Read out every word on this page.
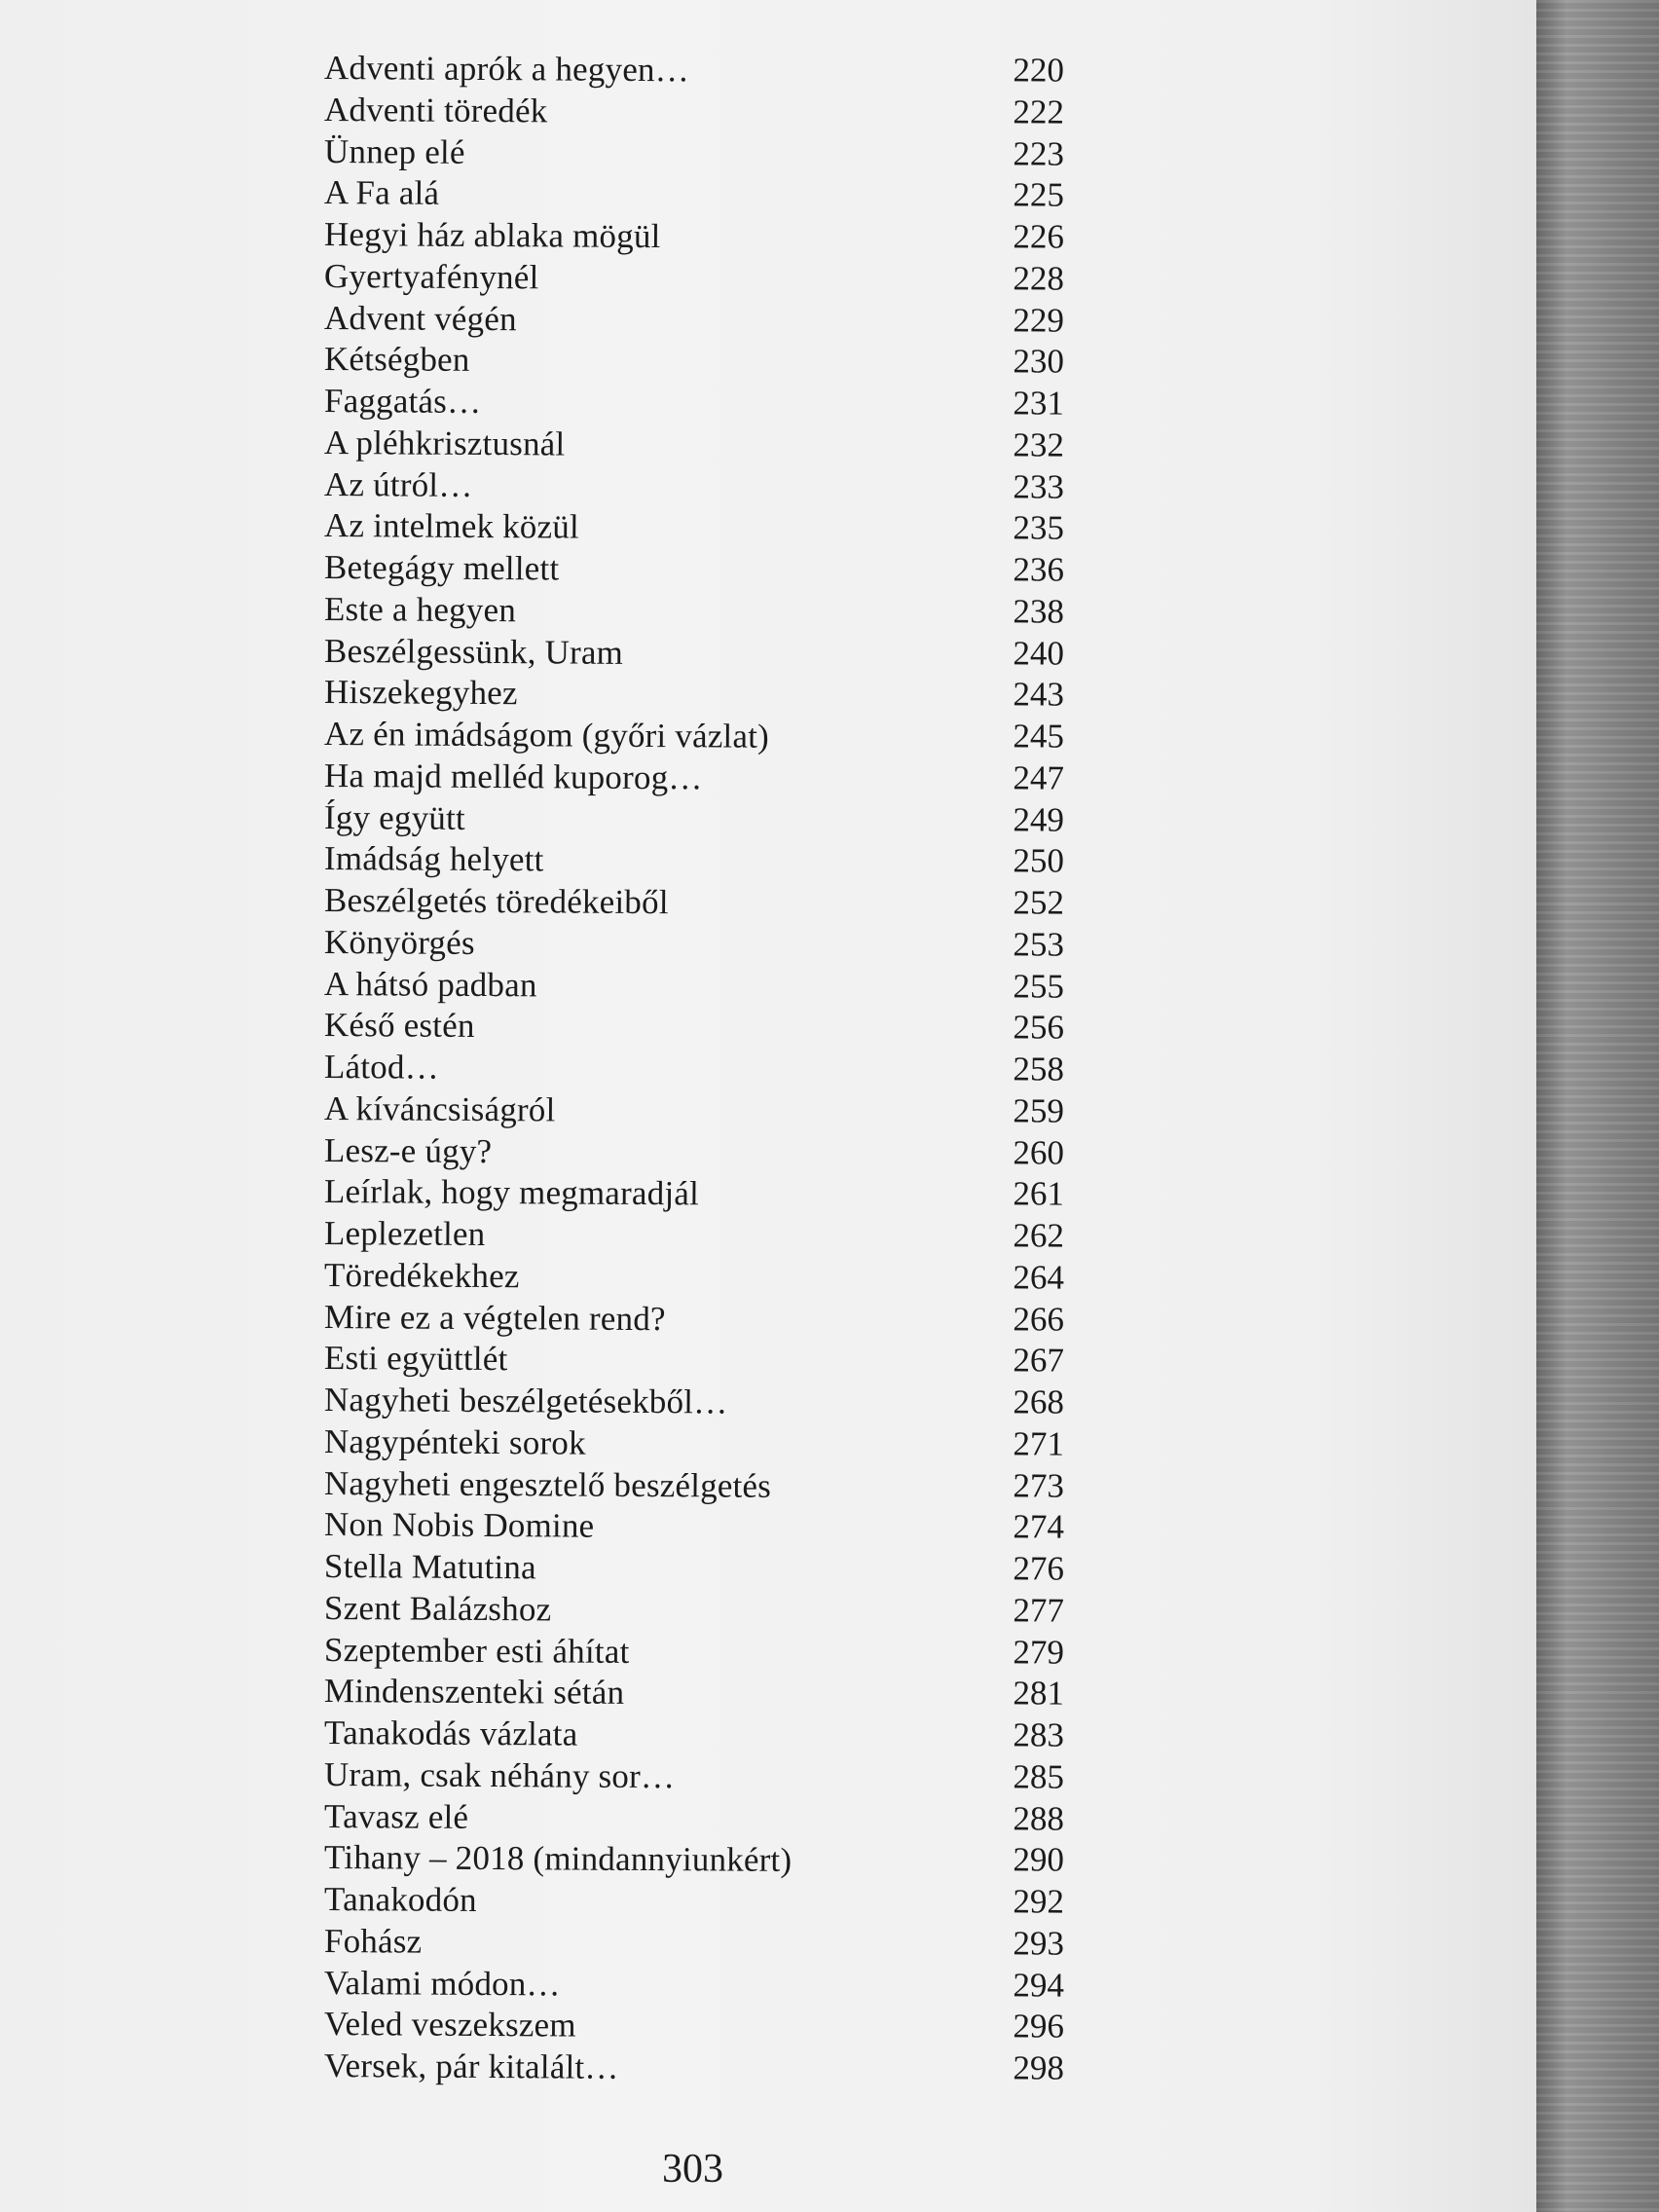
Adventi aprók a hegyen…	220
Adventi töredék	222
Ünnep elé	223
A Fa alá	225
Hegyi ház ablaka mögül	226
Gyertyafénynél	228
Advent végén	229
Kétségben	230
Faggatás…	231
A pléhkrisztusnál	232
Az útról…	233
Az intelmek közül	235
Betegágy mellett	236
Este a hegyen	238
Beszélgessünk, Uram	240
Hiszekegyhez	243
Az én imádságom (győri vázlat)	245
Ha majd melléd kuporog…	247
Így együtt	249
Imádság helyett	250
Beszélgetés töredékeiből	252
Könyörgés	253
A hátsó padban	255
Késő estén	256
Látod…	258
A kíváncsiságról	259
Lesz-e úgy?	260
Leírlak, hogy megmaradjál	261
Leplezetlen	262
Töredékekhez	264
Mire ez a végtelen rend?	266
Esti együttlét	267
Nagyheti beszélgetésekből…	268
Nagypénteki sorok	271
Nagyheti engesztelő beszélgetés	273
Non Nobis Domine	274
Stella Matutina	276
Szent Balázshoz	277
Szeptember esti áhítat	279
Mindenszenteki sétán	281
Tanakodás vázlata	283
Uram, csak néhány sor…	285
Tavasz elé	288
Tihany – 2018 (mindannyiunkért)	290
Tanakodón	292
Fohász	293
Valami módon…	294
Veled veszekszem	296
Versek, pár kitalált…	298
303
